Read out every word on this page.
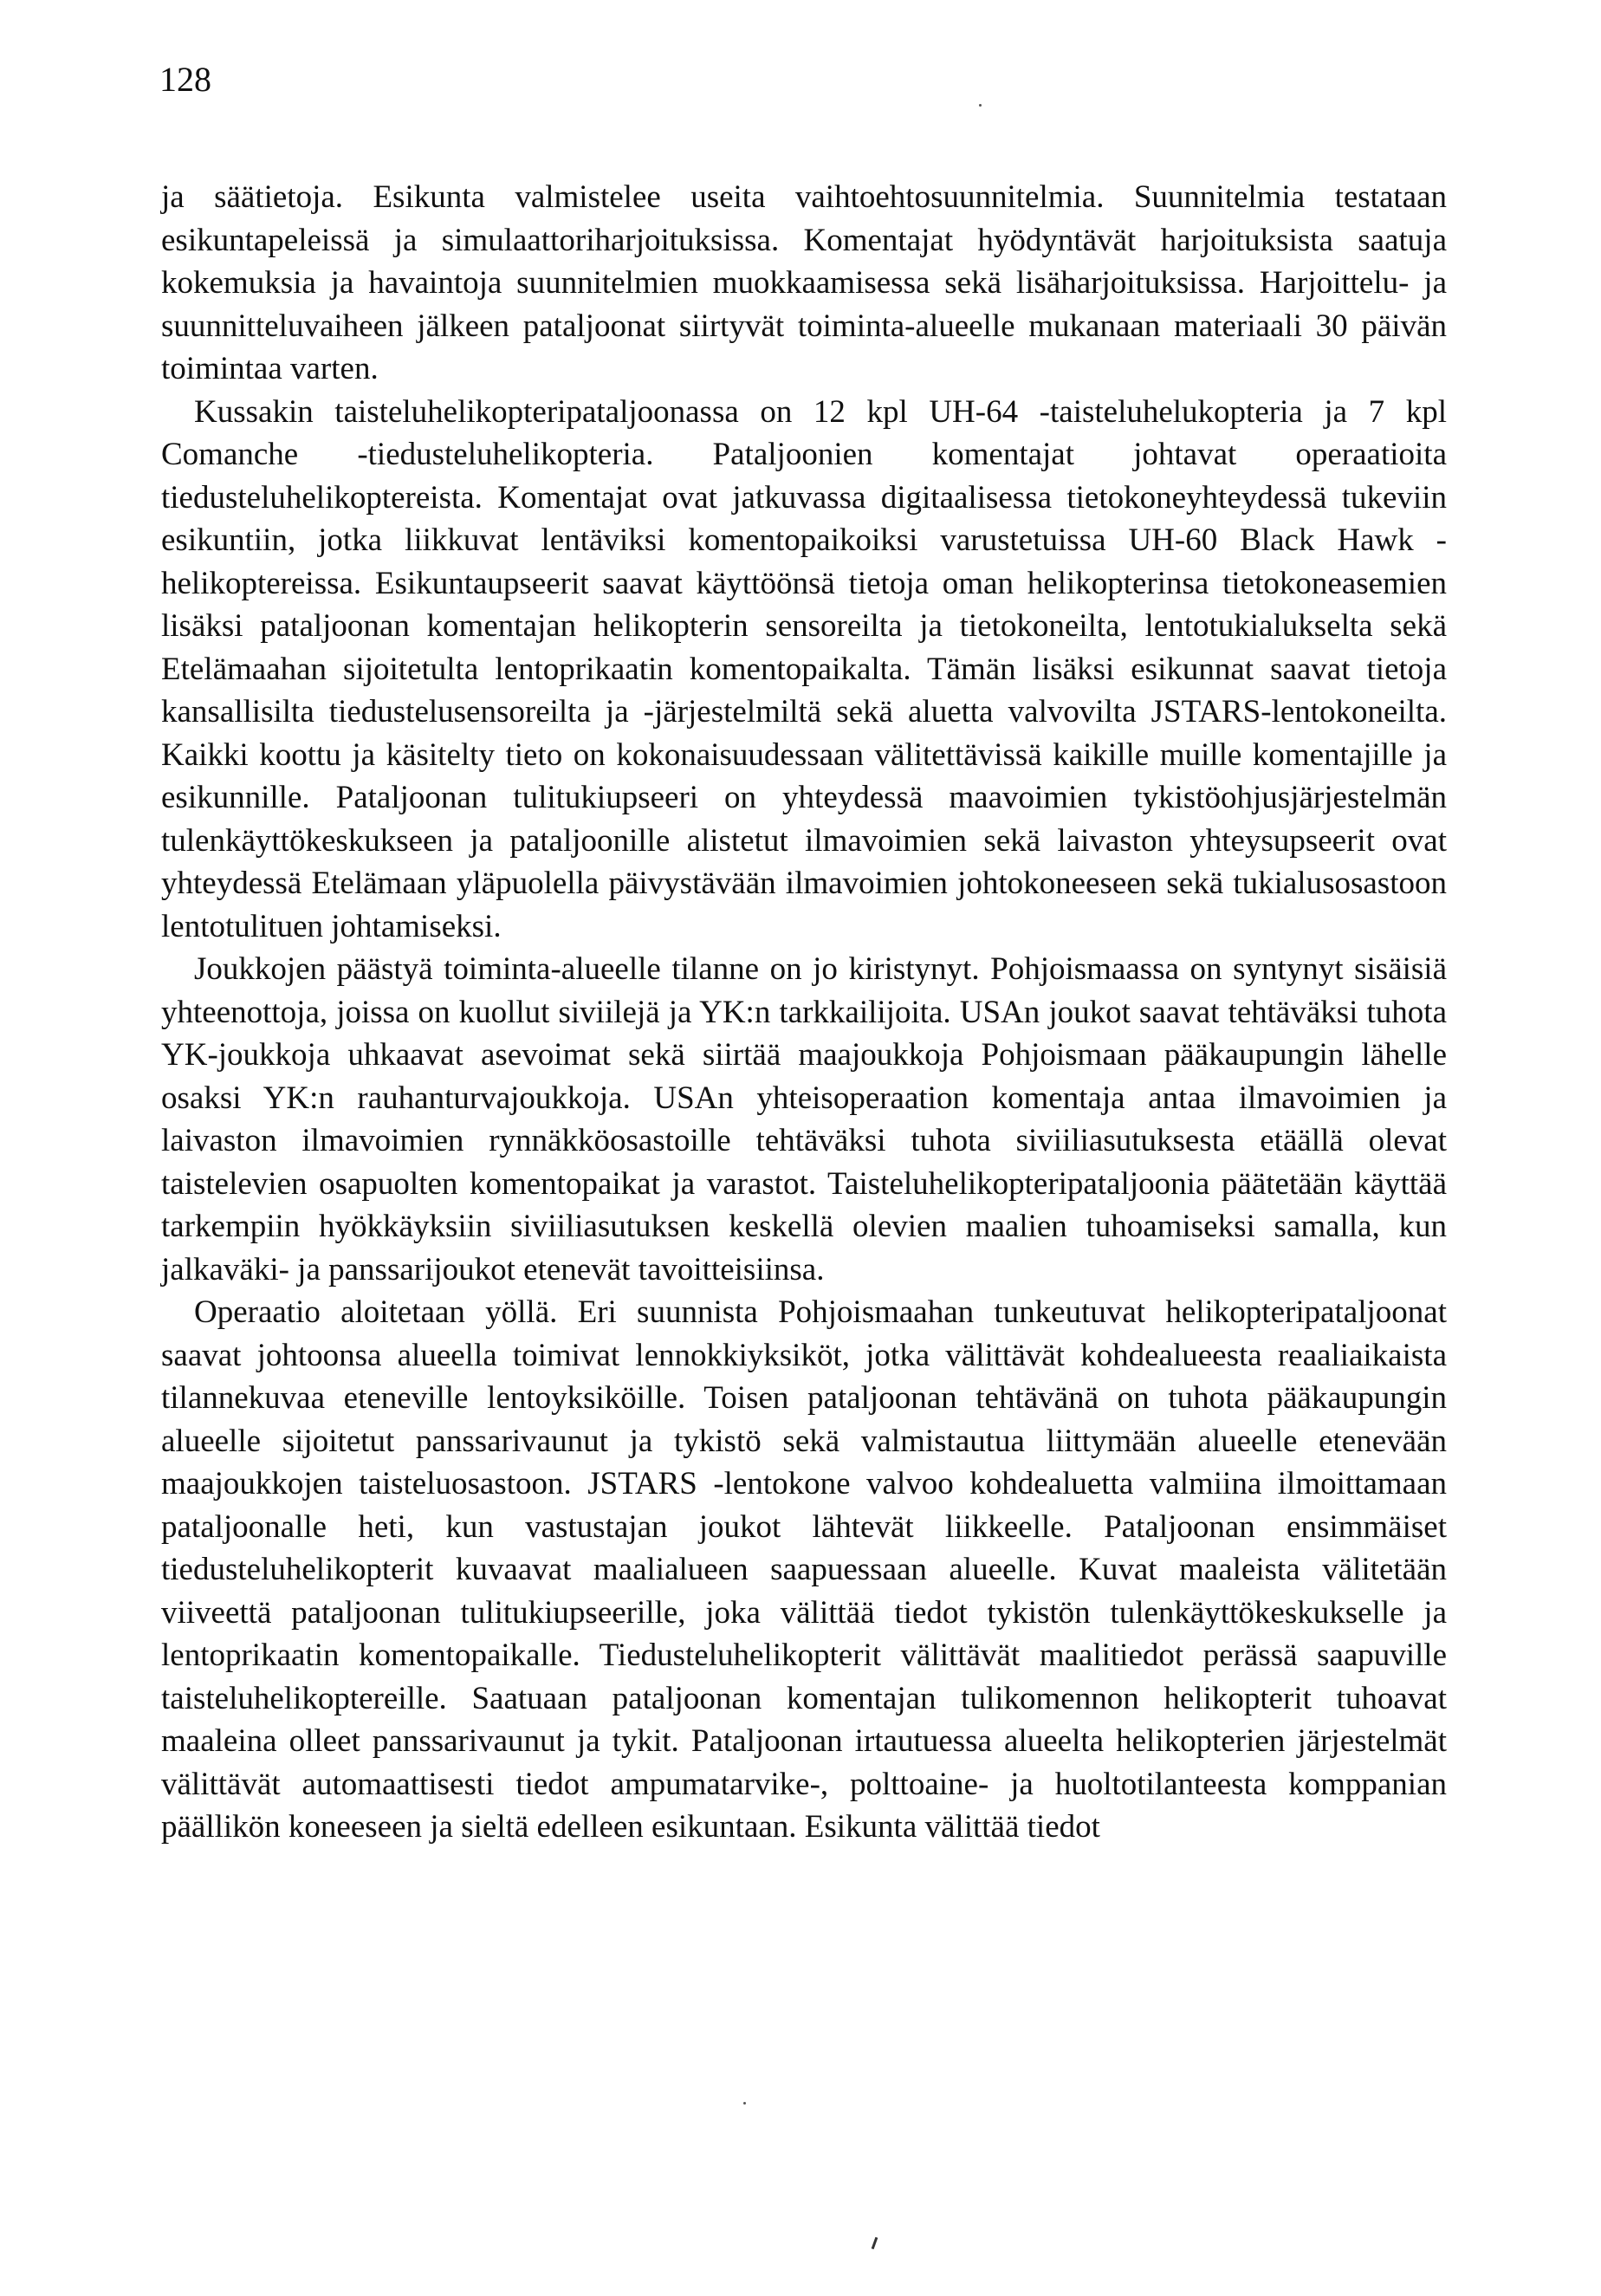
128

ja säätietoja. Esikunta valmistelee useita vaihtoehtosuunnitelmia. Suunnitelmia testataan esikuntapeleissä ja simulaattoriharjoituksissa. Komentajat hyödyntävät harjoituksista saatuja kokemuksia ja havaintoja suunnitelmien muokkaamisessa sekä lisäharjoituksissa. Harjoittelu- ja suunnitteluvaiheen jälkeen pataljoonat siirtyvät toiminta-alueelle mukanaan materiaali 30 päivän toimintaa varten.

Kussakin taisteluhelikopteripataljoonassa on 12 kpl UH-64 -taisteluhelukopteria ja 7 kpl Comanche -tiedusteluhelikopteria. Pataljoonien komentajat johtavat operaatioita tiedusteluhelikoptereista. Komentajat ovat jatkuvassa digitaalisessa tietokoneyhteydessä tukeviin esikuntiin, jotka liikkuvat lentäviksi komentopaikoiksi varustetuissa UH-60 Black Hawk -helikoptereissa. Esikuntaupseerit saavat käyttöönsä tietoja oman helikopterinsa tietokoneasemien lisäksi pataljoonan komentajan helikopterin sensoreilta ja tietokoneilta, lentotukialukselta sekä Etelämaahan sijoitetulta lentoprikaatin komentopaikalta. Tämän lisäksi esikunnat saavat tietoja kansallisilta tiedustelusensoreilta ja -järjestelmiltä sekä aluetta valvovilta JSTARS-lentokoneilta. Kaikki koottu ja käsitelty tieto on kokonaisuudessaan välitettävissä kaikille muille komentajille ja esikunnille. Pataljoonan tulitukiupseeri on yhteydessä maavoimien tykistöohjusjärjestelmän tulenkäyttökeskukseen ja pataljoonille alistetut ilmavoimien sekä laivaston yhteysupseerit ovat yhteydessä Etelämaan yläpuolella päivystävään ilmavoimien johtokoneeseen sekä tukialusosastoon lentotulituen johtamiseksi.

Joukkojen päästyä toiminta-alueelle tilanne on jo kiristynyt. Pohjoismaassa on syntynyt sisäisiä yhteenottoja, joissa on kuollut siviilejä ja YK:n tarkkailijoita. USAn joukot saavat tehtäväksi tuhota YK-joukkoja uhkaavat asevoimat sekä siirtää maajoukkoja Pohjoismaan pääkaupungin lähelle osaksi YK:n rauhanturvajoukkoja. USAn yhteisoperaation komentaja antaa ilmavoimien ja laivaston ilmavoimien rynnäkköosastoille tehtäväksi tuhota siviiliasutuksesta etäällä olevat taistelevien osapuolten komentopaikat ja varastot. Taisteluhelikopteripataljoonia päätetään käyttää tarkempiin hyökkäyksiin siviiliasutuksen keskellä olevien maalien tuhoamiseksi samalla, kun jalkaväki- ja panssarijoukot etenevät tavoitteisiinsa.

Operaatio aloitetaan yöllä. Eri suunnista Pohjoismaahan tunkeutuvat helikopteripataljoonat saavat johtoonsa alueella toimivat lennokkiyksiköt, jotka välittävät kohdealueesta reaaliaikaista tilannekuvaa eteneville lentoyksiköille. Toisen pataljoonan tehtävänä on tuhota pääkaupungin alueelle sijoitetut panssarivaunut ja tykistö sekä valmistautua liittymään alueelle etenevään maajoukkojen taisteluosastoon. JSTARS -lentokone valvoo kohdealuetta valmiina ilmoittamaan pataljoonalle heti, kun vastustajan joukot lähtevät liikkeelle. Pataljoonan ensimmäiset tiedusteluhelikopterit kuvaavat maalialueen saapuessaan alueelle. Kuvat maaleista välitetään viiveettä pataljoonan tulitukiupseerille, joka välittää tiedot tykistön tulenkäyttökeskukselle ja lentoprikaatin komentopaikalle. Tiedusteluhelikopterit välittävät maalitiedot perässä saapuville taisteluhelikoptereille. Saatuaan pataljoonan komentajan tulikomennon helikopterit tuhoavat maaleina olleet panssarivaunut ja tykit. Pataljoonan irtautuessa alueelta helikopterien järjestelmät välittävät automaattisesti tiedot ampumatarvike-, polttoaine- ja huoltotilanteesta komppanian päällikön koneeseen ja sieltä edelleen esikuntaan. Esikunta välittää tiedot
